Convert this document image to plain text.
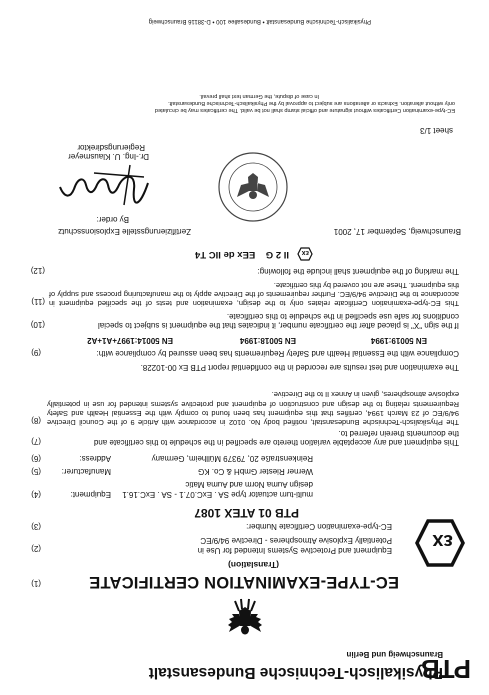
PTB
Physikalisch-Technische Bundesanstalt
Braunschweig und Berlin
(1)	EC-TYPE-EXAMINATION CERTIFICATE
(Translation)
εx
(2)	Equipment and Protective Systems Intended for Use in
Potentially Explosive Atmospheres - Directive 94/9/EC
(3)	EC-type-examination Certificate Number:
PTB 01 ATEX 1087
(4)	Equipment: multi-turn actuator type SA . ExC.07.1 - SA . ExC.16.1
design Auma Norm and Auma Matic
(5)	Manufacturer:	Werner Riester GmbH & Co. KG
(6)	Address:	Reinkenstraße 20, 79379 Müllheim, Germany
(7)	This equipment and any acceptable variation thereto are specified in the schedule to this certificate and
the documents therein referred to.
(8) The Physikalisch-Technische Bundesanstalt, notified body No. 0102 in accordance with Article 9 of the Council Directive 94/9/EC of 23 March 1994, certifies that this equipment has been found to comply with the Essential Health and Safety Requirements relating to the design and construction of equipment and protective systems intended for use in potentially explosive atmospheres, given in Annex II to the Directive.
The examination and test results are recorded in the confidential report PTB Ex 00-10228.
(9)	Compliance with the Essential Health and Safety Requirements has been assured by compliance with:
EN 50014:1997+A1+A2	EN 50018:1994	EN 50019:1994
(10)	If the sign "X" is placed after the certificate number, it indicates that the equipment is subject to special
conditions for safe use specified in the schedule to this certificate.
(11) This EC-type-examination Certificate relates only to the design, examination and tests of the specified equipment in accordance to the Directive 94/9/EC. Further requirements of the Directive apply to the manufacturing process and supply of this equipment. These are not covered by this certificate.
(12)	The marking of the equipment shall include the following:
εx
II 2 G    EEx de IIC T4
Zertifizierungsstelle Explosionsschutz	Braunschweig, September 17, 2001
By order:
Dr.-Ing. U. Klausmeyer
Regierungsdirektor
sheet 1/3
EC-type-examination Certificates without signature and official stamp shall not be valid. The certificates may be circulated
only without alteration. Extracts or alterations are subject to approval by the Physikalisch-Technische Bundesanstalt.
In case of dispute, the German text shall prevail.
Physikalisch-Technische Bundesanstalt • Bundesallee 100 • D-38116 Braunschweig
